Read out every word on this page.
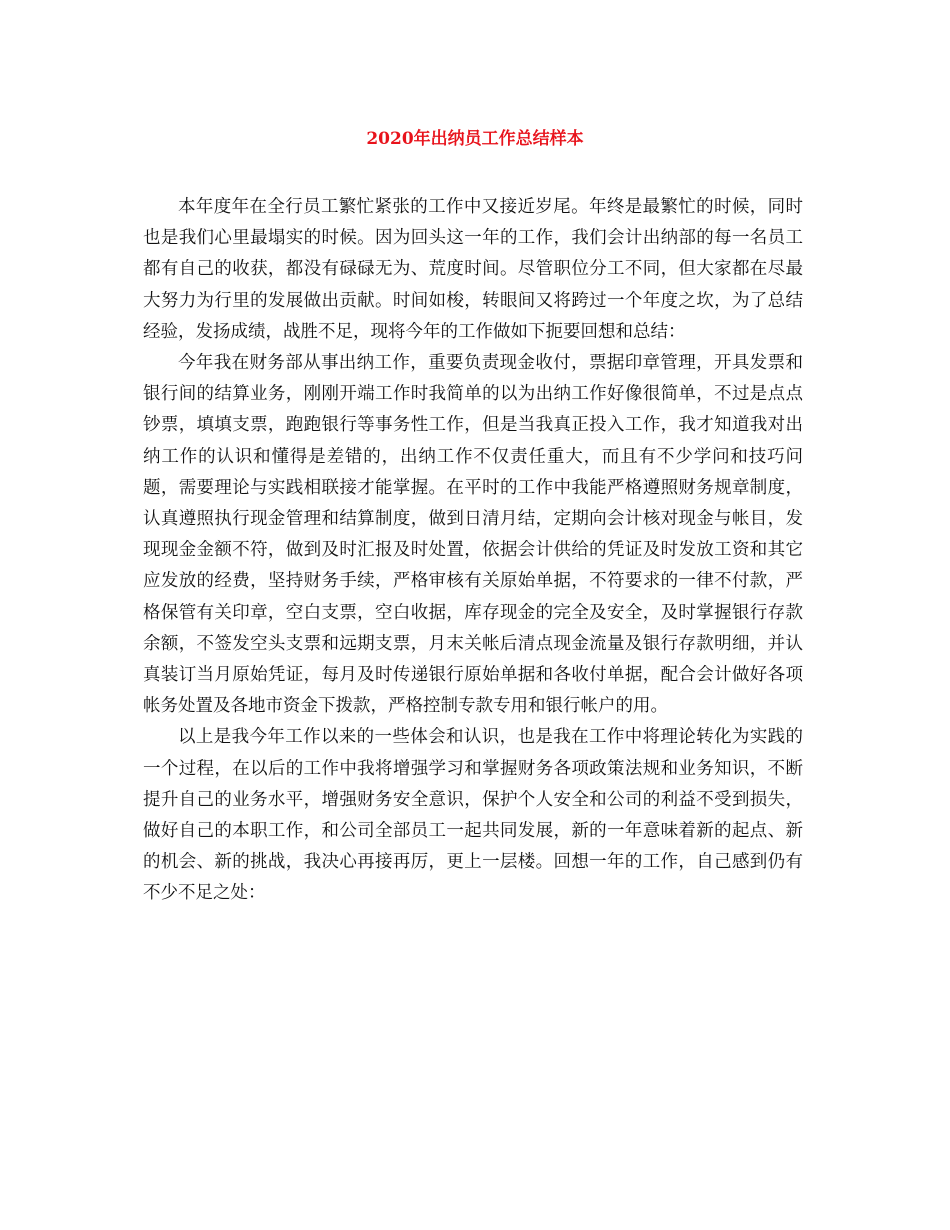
2020年出纳员工作总结样本

本年度年在全行员工繁忙紧张的工作中又接近岁尾。年终是最繁忙的时候，同时也是我们心里最塌实的时候。因为回头这一年的工作，我们会计出纳部的每一名员工都有自己的收获，都没有碌碌无为、荒度时间。尽管职位分工不同，但大家都在尽最大努力为行里的发展做出贡献。时间如梭，转眼间又将跨过一个年度之坎，为了总结经验，发扬成绩，战胜不足，现将今年的工作做如下扼要回想和总结：

今年我在财务部从事出纳工作，重要负责现金收付，票据印章管理，开具发票和银行间的结算业务，刚刚开端工作时我简单的以为出纳工作好像很简单，不过是点点钞票，填填支票，跑跑银行等事务性工作，但是当我真正投入工作，我才知道我对出纳工作的认识和懂得是差错的，出纳工作不仅责任重大，而且有不少学问和技巧问题，需要理论与实践相联接才能掌握。在平时的工作中我能严格遵照财务规章制度，认真遵照执行现金管理和结算制度，做到日清月结，定期向会计核对现金与帐目，发现现金金额不符，做到及时汇报及时处置，依据会计供给的凭证及时发放工资和其它应发放的经费，坚持财务手续，严格审核有关原始单据，不符要求的一律不付款，严格保管有关印章，空白支票，空白收据，库存现金的完全及安全，及时掌握银行存款余额，不签发空头支票和远期支票，月末关帐后清点现金流量及银行存款明细，并认真装订当月原始凭证，每月及时传递银行原始单据和各收付单据，配合会计做好各项帐务处置及各地市资金下拨款，严格控制专款专用和银行帐户的用。

以上是我今年工作以来的一些体会和认识，也是我在工作中将理论转化为实践的一个过程，在以后的工作中我将增强学习和掌握财务各项政策法规和业务知识，不断提升自己的业务水平，增强财务安全意识，保护个人安全和公司的利益不受到损失，做好自己的本职工作，和公司全部员工一起共同发展，新的一年意味着新的起点、新的机会、新的挑战，我决心再接再厉，更上一层楼。回想一年的工作，自己感到仍有不少不足之处：
